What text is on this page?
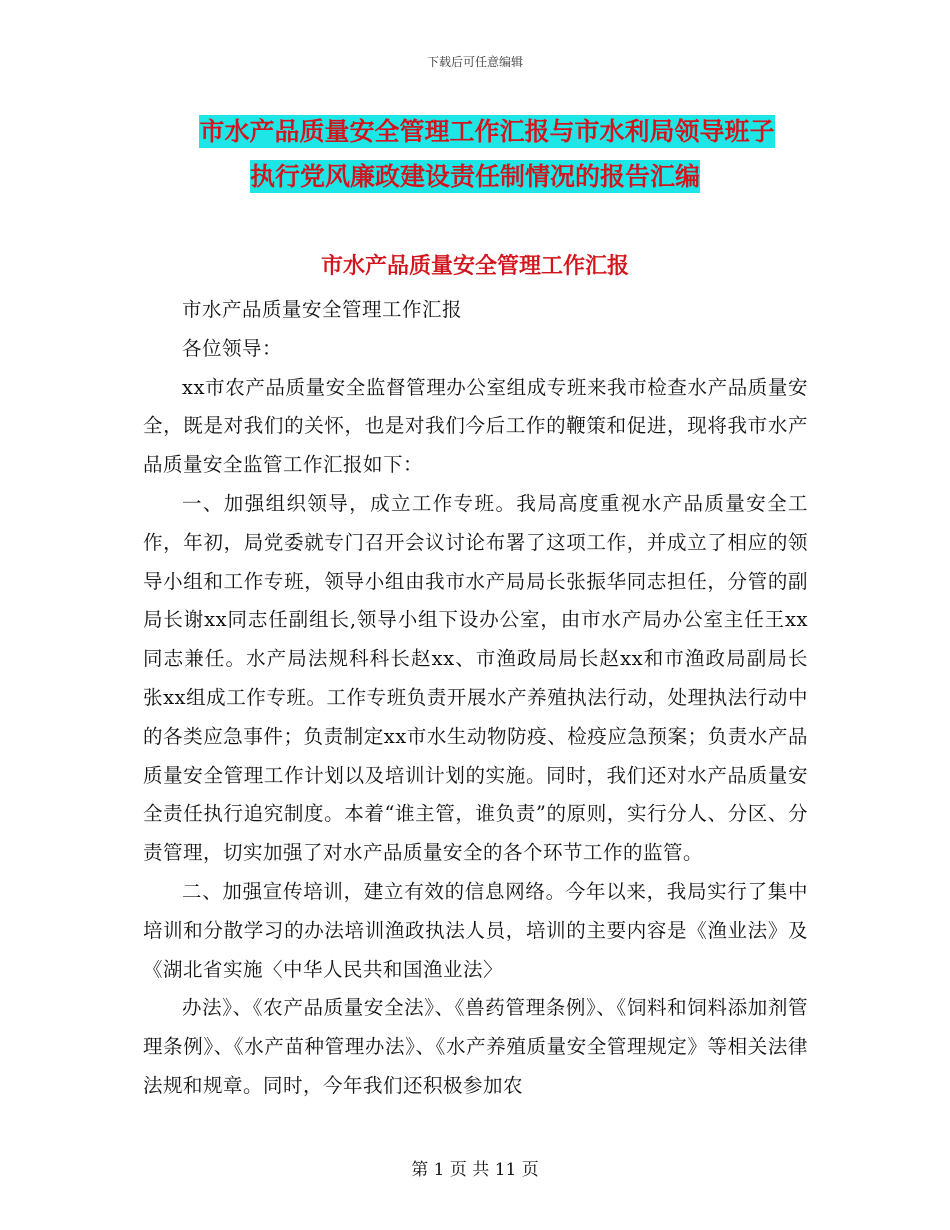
下载后可任意编辑
市水产品质量安全管理工作汇报与市水利局领导班子
执行党风廉政建设责任制情况的报告汇编
市水产品质量安全管理工作汇报

市水产品质量安全管理工作汇报

各位领导：

xx市农产品质量安全监督管理办公室组成专班来我市检查水产品质量安全，既是对我们的关怀，也是对我们今后工作的鞭策和促进，现将我市水产品质量安全监管工作汇报如下：

一、加强组织领导，成立工作专班。我局高度重视水产品质量安全工作，年初，局党委就专门召开会议讨论布署了这项工作，并成立了相应的领导小组和工作专班，领导小组由我市水产局局长张振华同志担任，分管的副局长谢xx同志任副组长,领导小组下设办公室，由市水产局办公室主任王xx同志兼任。水产局法规科科长赵xx、市渔政局局长赵xx和市渔政局副局长张xx组成工作专班。工作专班负责开展水产养殖执法行动，处理执法行动中的各类应急事件；负责制定xx市水生动物防疫、检疫应急预案；负责水产品质量安全管理工作计划以及培训计划的实施。同时，我们还对水产品质量安全责任执行追究制度。本着“谁主管，谁负责”的原则，实行分人、分区、分责管理，切实加强了对水产品质量安全的各个环节工作的监管。

二、加强宣传培训，建立有效的信息网络。今年以来，我局实行了集中培训和分散学习的办法培训渔政执法人员，培训的主要内容是《渔业法》及《湖北省实施〈中华人民共和国渔业法〉

办法》、《农产品质量安全法》、《兽药管理条例》、《饲料和饲料添加剂管理条例》、《水产苗种管理办法》、《水产养殖质量安全管理规定》等相关法律法规和规章。同时，今年我们还积极参加农

第 1 页 共 11 页
